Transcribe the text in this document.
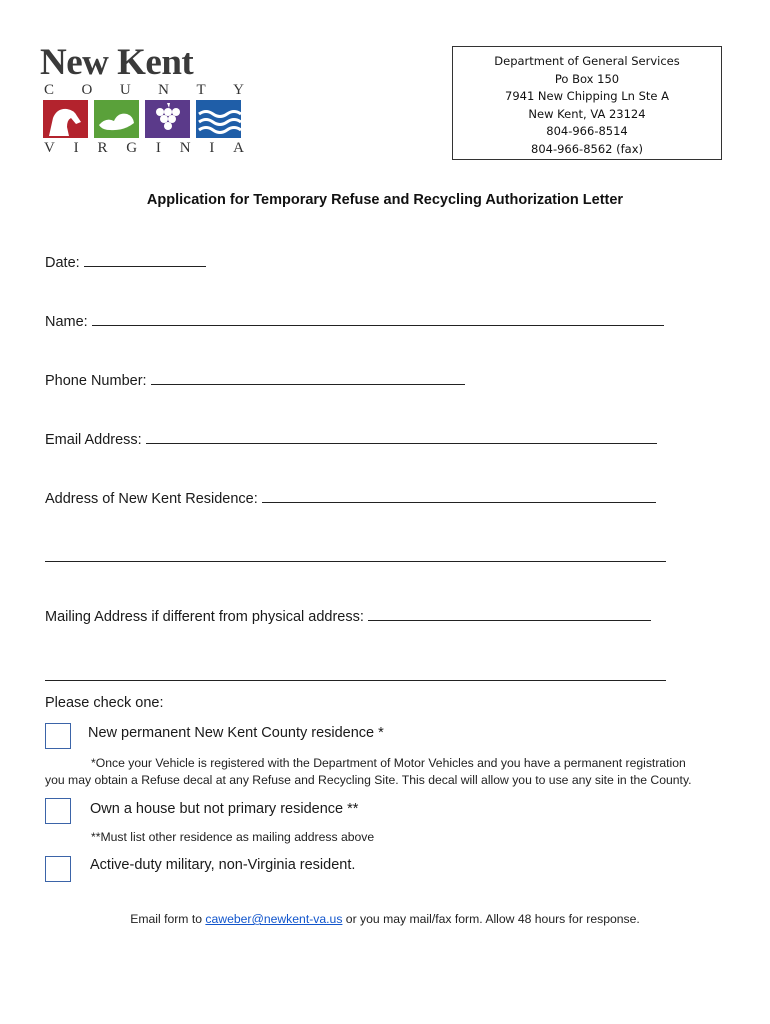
New Kent
C O U N T Y
V I R G I N I A
Department of General Services
Po Box 150
7941 New Chipping Ln Ste A
New Kent, VA 23124
804-966-8514
804-966-8562 (fax)
Application for Temporary Refuse and Recycling Authorization Letter
Date:
Name:
Phone Number:
Email Address:
Address of New Kent Residence:
Mailing Address if different from physical address:
Please check one:
New permanent New Kent County residence *
*Once your Vehicle is registered with the Department of Motor Vehicles and you have a permanent registration
you may obtain a Refuse decal at any Refuse and Recycling Site. This decal will allow you to use any site in the County.
Own a house but not primary residence **
**Must list other residence as mailing address above
Active-duty military, non-Virginia resident.
Email form to caweber@newkent-va.us or you may mail/fax form. Allow 48 hours for response.
